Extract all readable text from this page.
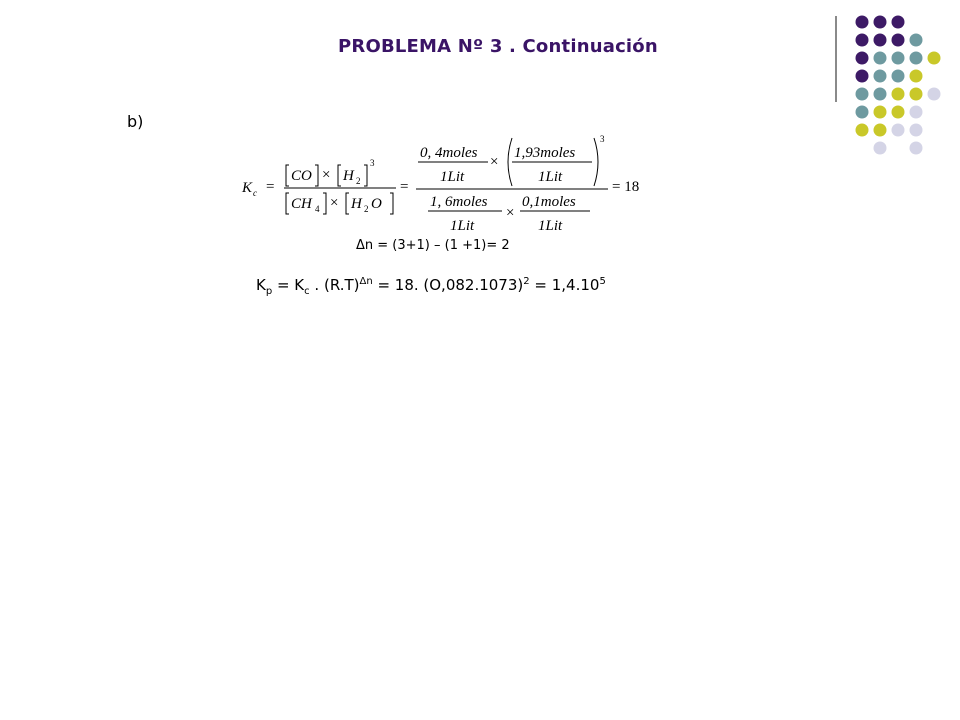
PROBLEMA Nº 3 . Continuación
b)
K c =
CO × H 2
3
CH 4 × H 2 O
=
0, 4moles
1Lit
×
1,93moles
1Lit
3
1, 6moles
1Lit
×
0,1moles
1Lit
= 18
Δn = (3+1) – (1 +1)= 2
$K_p = K_c$ . $(R.T)^{\Delta n} = 18$. $(O,082.1073)^2 = 1,4.10^5$
